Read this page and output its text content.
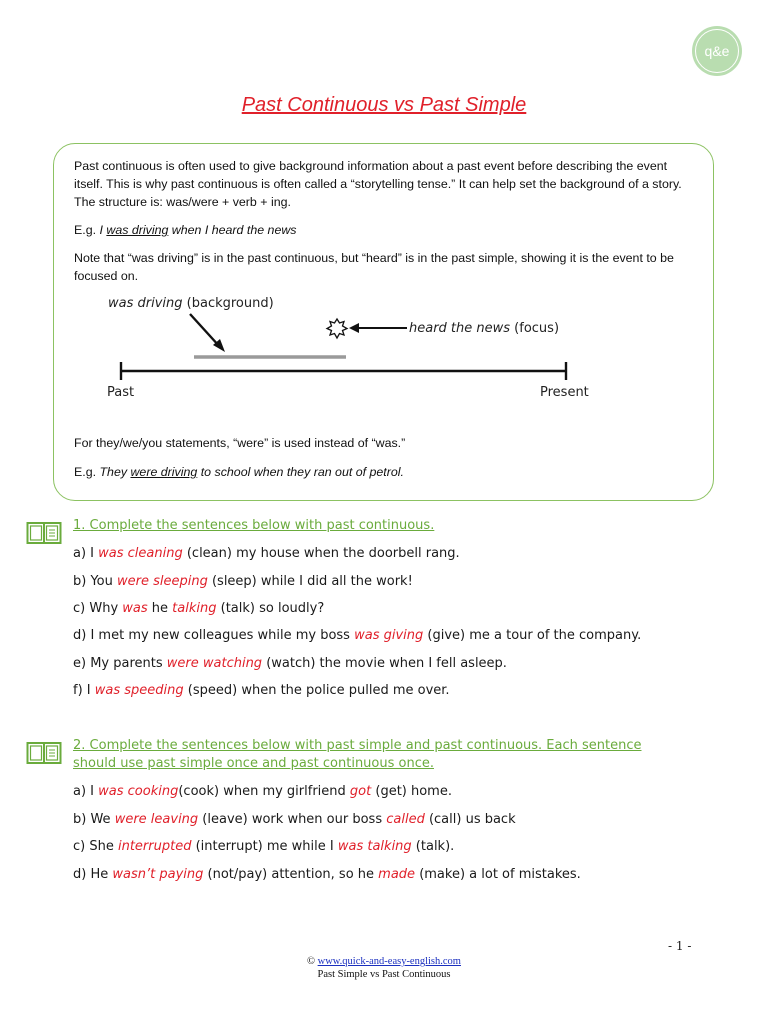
q&e
Past Continuous vs Past Simple

Past continuous is often used to give background information about a past event before describing the event itself. This is why past continuous is often called a “storytelling tense.” It can help set the background of a story. The structure is: was/were + verb + ing.

E.g. I was driving when I heard the news

Note that “was driving” is in the past continuous, but “heard” is in the past simple, showing it is the event to be focused on.

was driving (background)
heard the news (focus)
Past	Present

For they/we/you statements, “were” is used instead of “was.”

E.g. They were driving to school when they ran out of petrol.

1. Complete the sentences below with past continuous.
a) I was cleaning (clean) my house when the doorbell rang.
b) You were sleeping (sleep) while I did all the work!
c) Why was he talking (talk) so loudly?
d) I met my new colleagues while my boss was giving (give) me a tour of the company.
e) My parents were watching (watch) the movie when I fell asleep.
f) I was speeding (speed) when the police pulled me over.
2. Complete the sentences below with past simple and past continuous. Each sentence
should use past simple once and past continuous once.
a) I was cooking(cook) when my girlfriend got (get) home.
b) We were leaving (leave) work when our boss called (call) us back
c) She interrupted (interrupt) me while I was talking (talk).
d) He wasn’t paying (not/pay) attention, so he made (make) a lot of mistakes.
- 1 -
© www.quick-and-easy-english.com
Past Simple vs Past Continuous
